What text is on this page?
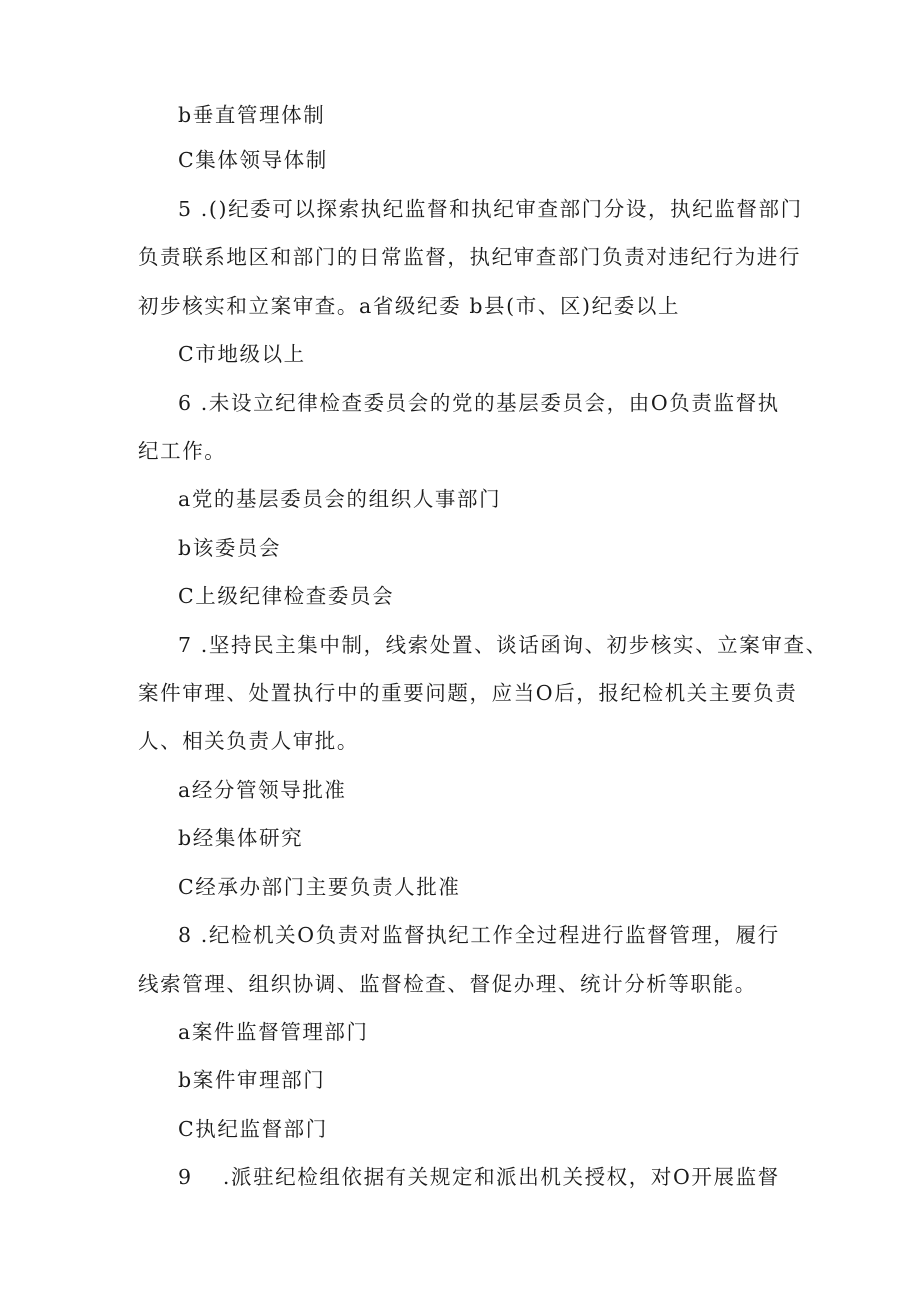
b垂直管理体制
C集体领导体制
5 .()纪委可以探索执纪监督和执纪审查部门分设，执纪监督部门
负责联系地区和部门的日常监督，执纪审查部门负责对违纪行为进行
初步核实和立案审查。a省级纪委 b县(市、区)纪委以上
C市地级以上
6 .未设立纪律检查委员会的党的基层委员会，由O负责监督执
纪工作。
a党的基层委员会的组织人事部门
b该委员会
C上级纪律检查委员会
7 .坚持民主集中制，线索处置、谈话函询、初步核实、立案审查、
案件审理、处置执行中的重要问题，应当O后，报纪检机关主要负责
人、相关负责人审批。
a经分管领导批准
b经集体研究
C经承办部门主要负责人批准
8 .纪检机关O负责对监督执纪工作全过程进行监督管理，履行
线索管理、组织协调、监督检查、督促办理、统计分析等职能。
a案件监督管理部门
b案件审理部门
C执纪监督部门
9　 .派驻纪检组依据有关规定和派出机关授权，对O开展监督
